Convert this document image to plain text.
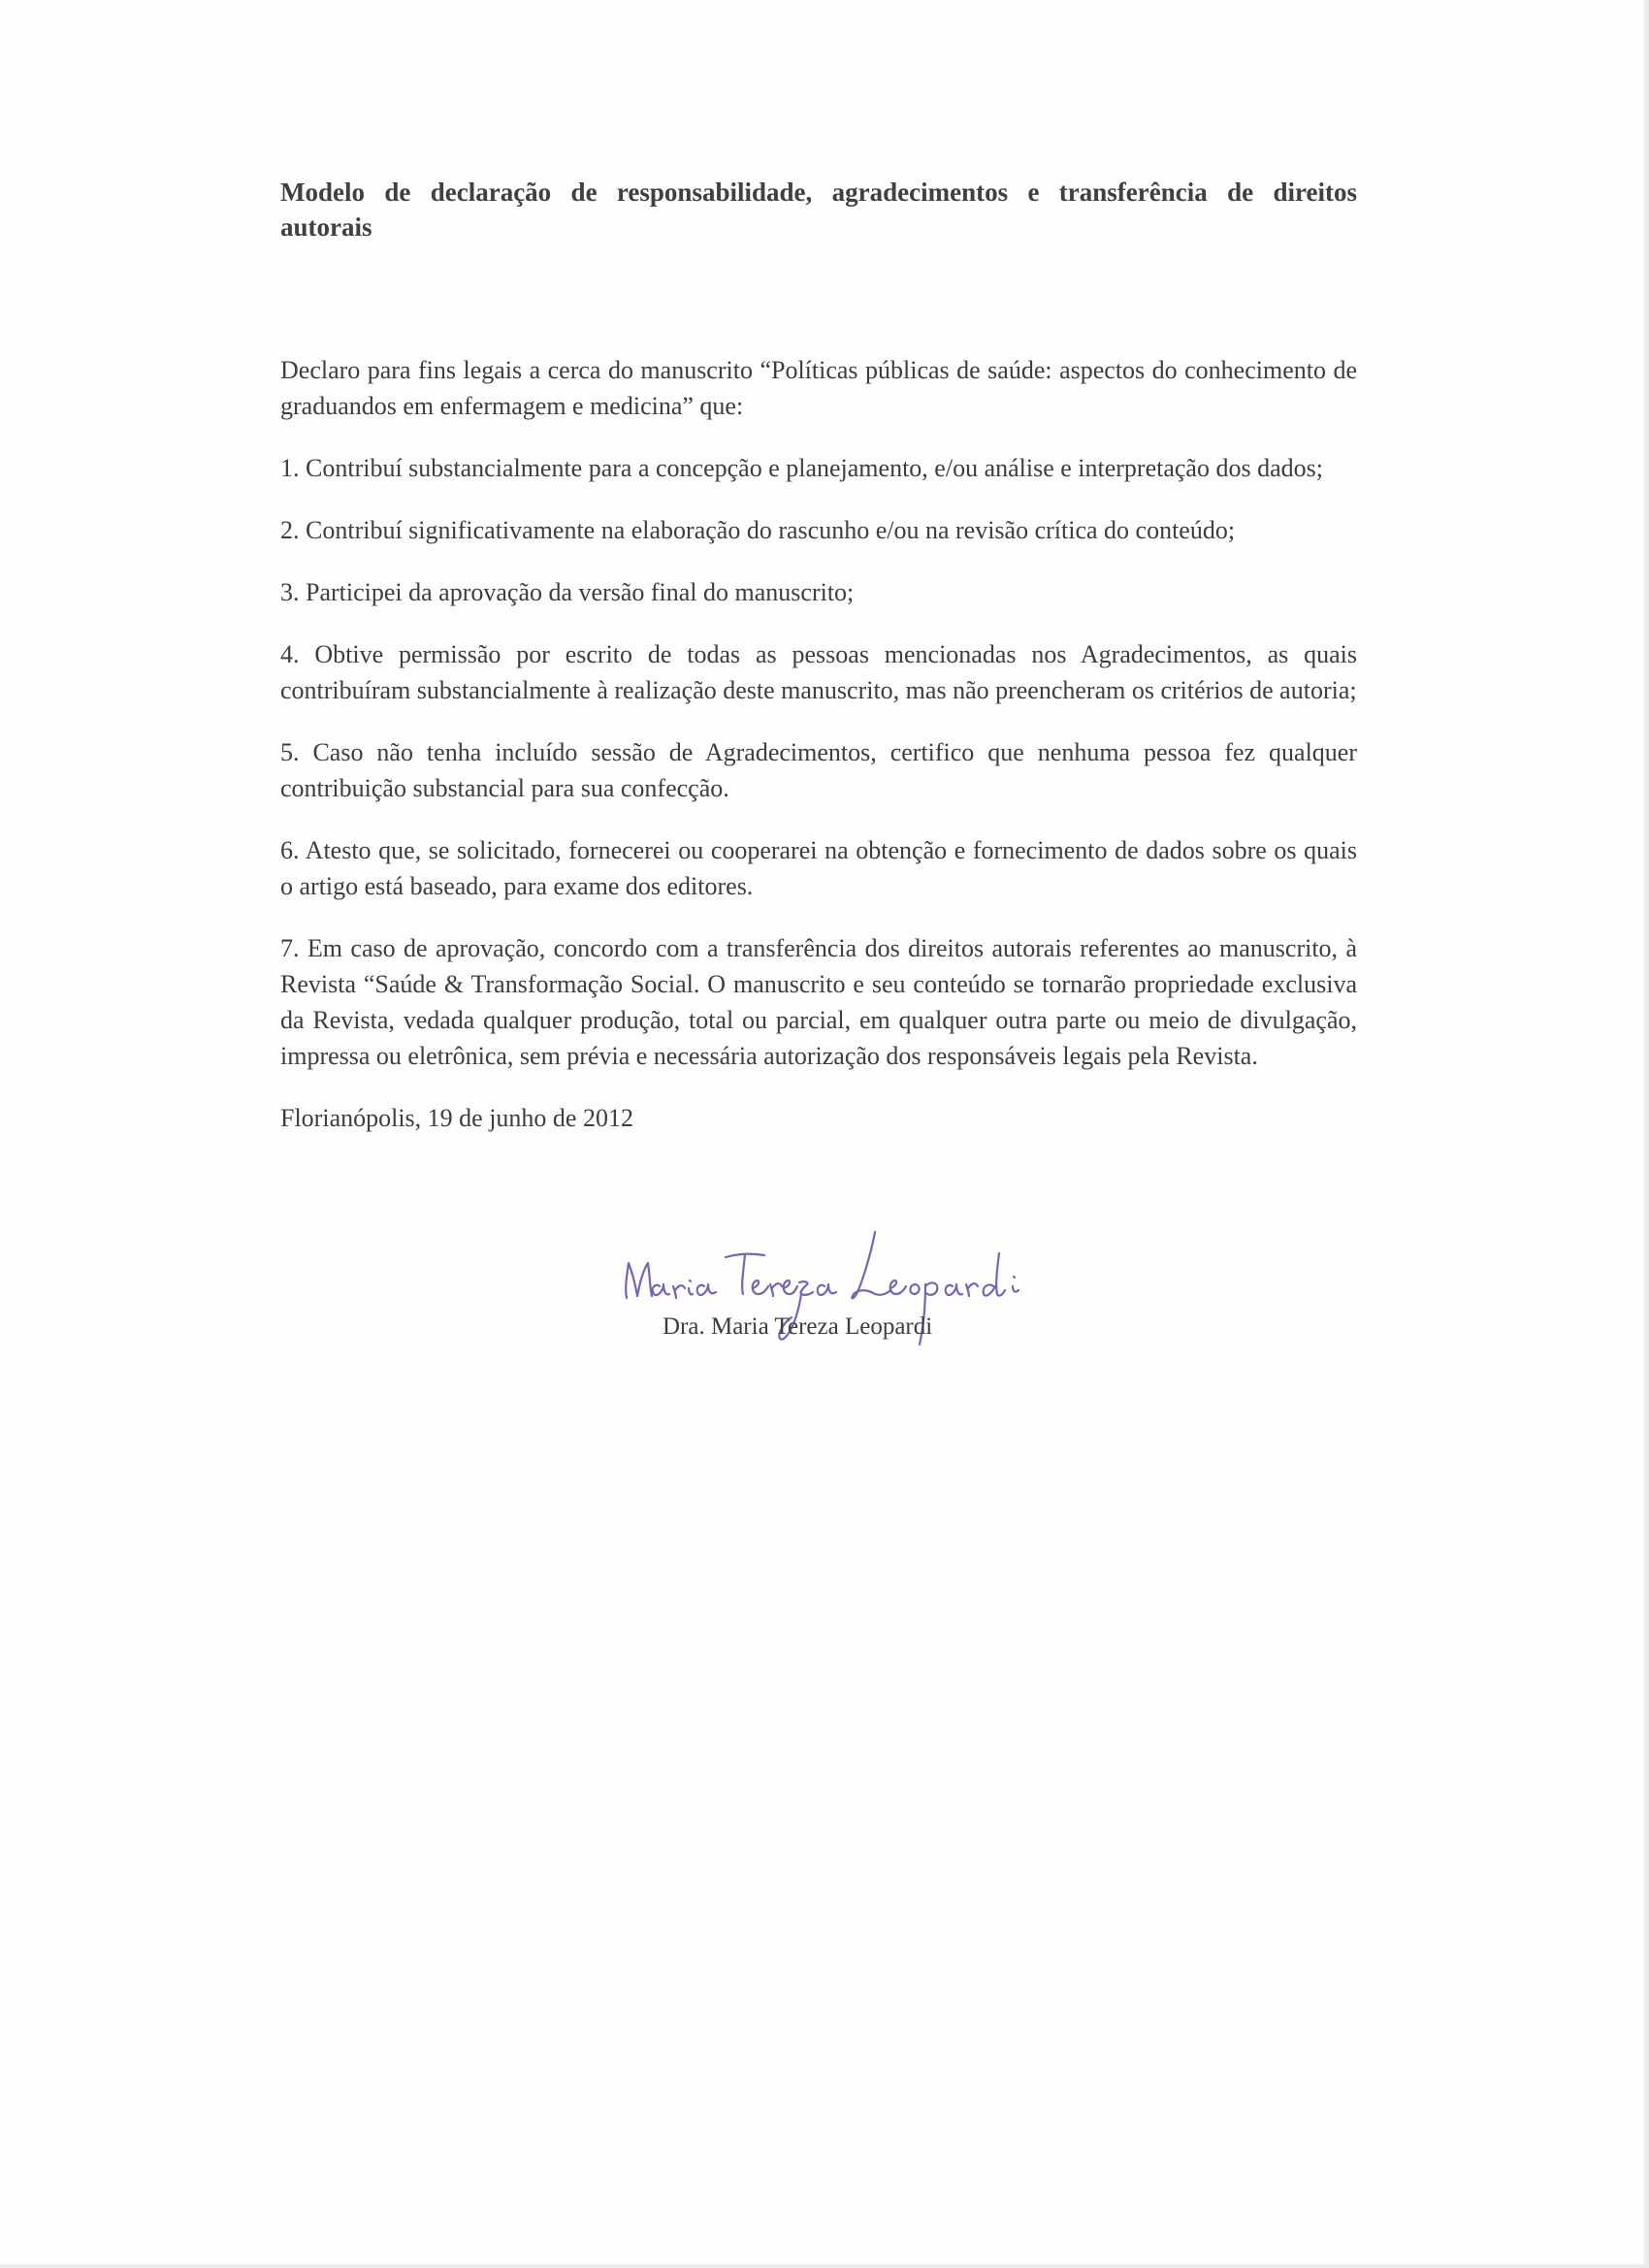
Modelo de declaração de responsabilidade, agradecimentos e transferência de direitos
autorais

Declaro para fins legais a cerca do manuscrito “Políticas públicas de saúde: aspectos do conhecimento de graduandos em enfermagem e medicina” que:

1. Contribuí substancialmente para a concepção e planejamento, e/ou análise e interpretação dos dados;

2. Contribuí significativamente na elaboração do rascunho e/ou na revisão crítica do conteúdo;

3. Participei da aprovação da versão final do manuscrito;

4. Obtive permissão por escrito de todas as pessoas mencionadas nos Agradecimentos, as quais contribuíram substancialmente à realização deste manuscrito, mas não preencheram os critérios de autoria;

5. Caso não tenha incluído sessão de Agradecimentos, certifico que nenhuma pessoa fez qualquer contribuição substancial para sua confecção.

6. Atesto que, se solicitado, fornecerei ou cooperarei na obtenção e fornecimento de dados sobre os quais o artigo está baseado, para exame dos editores.

7. Em caso de aprovação, concordo com a transferência dos direitos autorais referentes ao manuscrito, à Revista “Saúde & Transformação Social. O manuscrito e seu conteúdo se tornarão propriedade exclusiva da Revista, vedada qualquer produção, total ou parcial, em qualquer outra parte ou meio de divulgação, impressa ou eletrônica, sem prévia e necessária autorização dos responsáveis legais pela Revista.

Florianópolis, 19 de junho de 2012

Dra. Maria Tereza Leopardi
